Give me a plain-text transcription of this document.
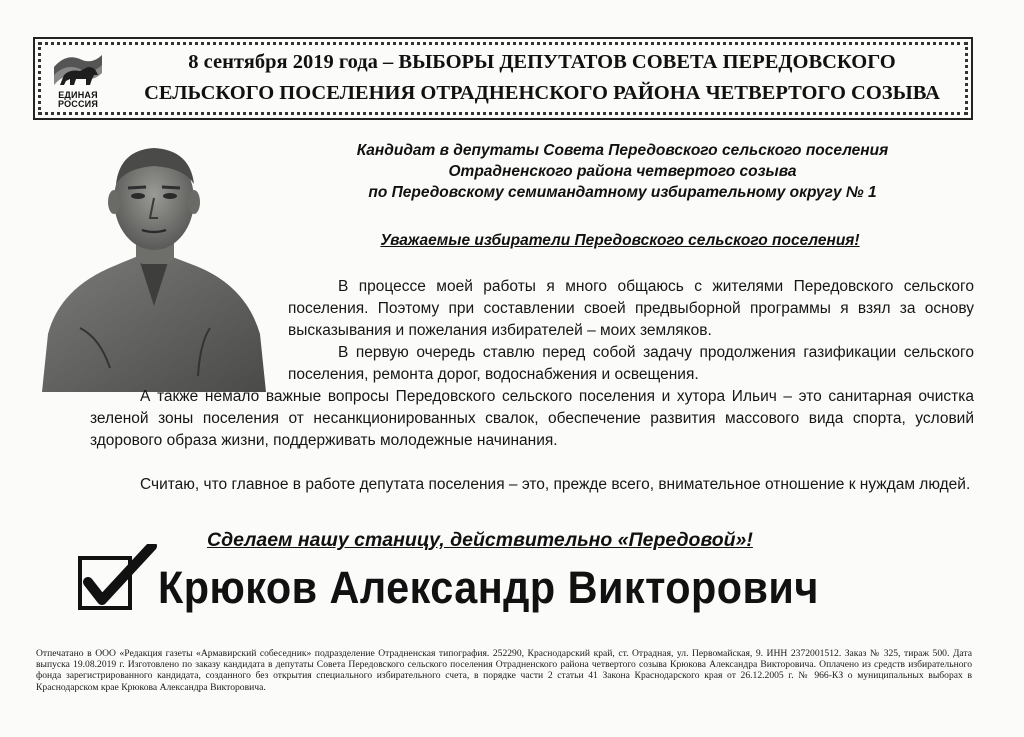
ЕДИНАЯ
РОССИЯ
8 сентября 2019 года – ВЫБОРЫ ДЕПУТАТОВ СОВЕТА ПЕРЕДОВСКОГО
СЕЛЬСКОГО ПОСЕЛЕНИЯ ОТРАДНЕНСКОГО РАЙОНА ЧЕТВЕРТОГО СОЗЫВА
Кандидат в депутаты Совета Передовского сельского поселения
Отрадненского района четвертого созыва
по Передовскому семимандатному избирательному округу № 1
Уважаемые избиратели Передовского сельского поселения!

В процессе моей работы я много общаюсь с жителями Передовского сельского поселения. Поэтому при составлении своей предвыборной программы я взял за основу высказывания и пожелания избирателей – моих земляков.

В первую очередь ставлю перед собой задачу продолжения газификации сельского поселения, ремонта дорог, водоснабжения и освещения.

А также немало важные вопросы Передовского сельского поселения и хутора Ильич – это санитарная очистка зеленой зоны поселения от несанкционированных свалок, обеспечение развития массового вида спорта, условий здорового образа жизни, поддерживать молодежные начинания.

Считаю, что главное в работе депутата поселения – это, прежде всего, внимательное отношение к нуждам людей.

Сделаем нашу станицу, действительно «Передовой»!
Крюков Александр Викторович
Отпечатано в ООО «Редакция газеты «Армавирский собеседник» подразделение Отрадненская типография. 252290, Краснодарский край, ст. Отрадная, ул. Первомайская, 9. ИНН 2372001512. Заказ № 325, тираж 500. Дата выпуска 19.08.2019 г. Изготовлено по заказу кандидата в депутаты Совета Передовского сельского поселения Отрадненского района четвертого созыва Крюкова Александра Викторовича. Оплачено из средств избирательного фонда зарегистрированного кандидата, созданного без открытия специального избирательного счета, в порядке части 2 статьи 41 Закона Краснодарского края от 26.12.2005 г. № 966-КЗ о муниципальных выборах в Краснодарском крае Крюкова Александра Викторовича.
